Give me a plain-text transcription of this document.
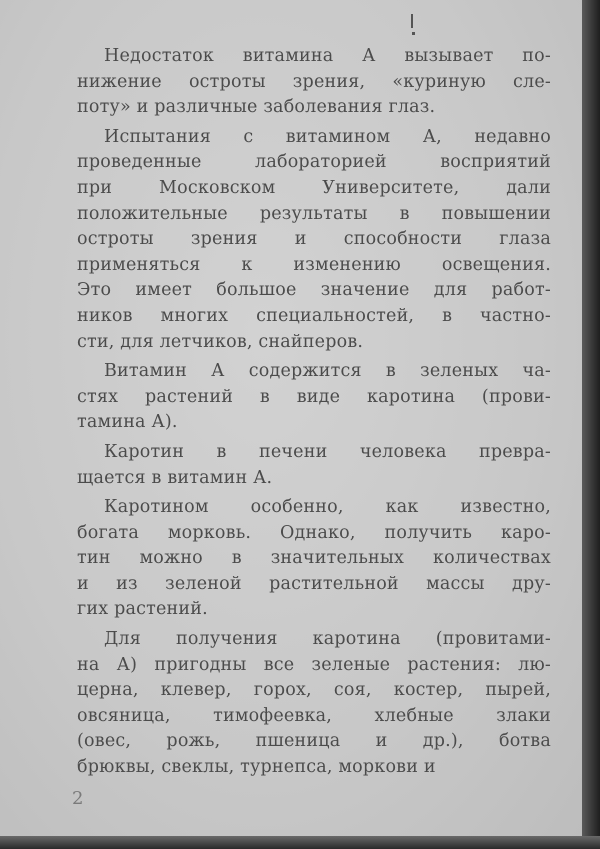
Недостаток витамина А вызывает по-
нижение остроты зрения, «куриную сле-
поту» и различные заболевания глаз.
Испытания с витамином А, недавно
проведенные лабораторией восприятий
при Московском Университете, дали
положительные результаты в повышении
остроты зрения и способности глаза
применяться к изменению освещения.
Это имеет большое значение для работ-
ников многих специальностей, в частно-
сти, для летчиков, снайперов.
Витамин А содержится в зеленых ча-
стях растений в виде каротина (прови-
тамина А).
Каротин в печени человека превра-
щается в витамин А.
Каротином особенно, как известно,
богата морковь. Однако, получить каро-
тин можно в значительных количествах
и из зеленой растительной массы дру-
гих растений.
Для получения каротина (провитами-
на А) пригодны все зеленые растения: лю-
церна, клевер, горох, соя, костер, пырей,
овсяница, тимофеевка, хлебные злаки
(овес, рожь, пшеница и др.), ботва
брюквы, свеклы, турнепса, моркови и
2
